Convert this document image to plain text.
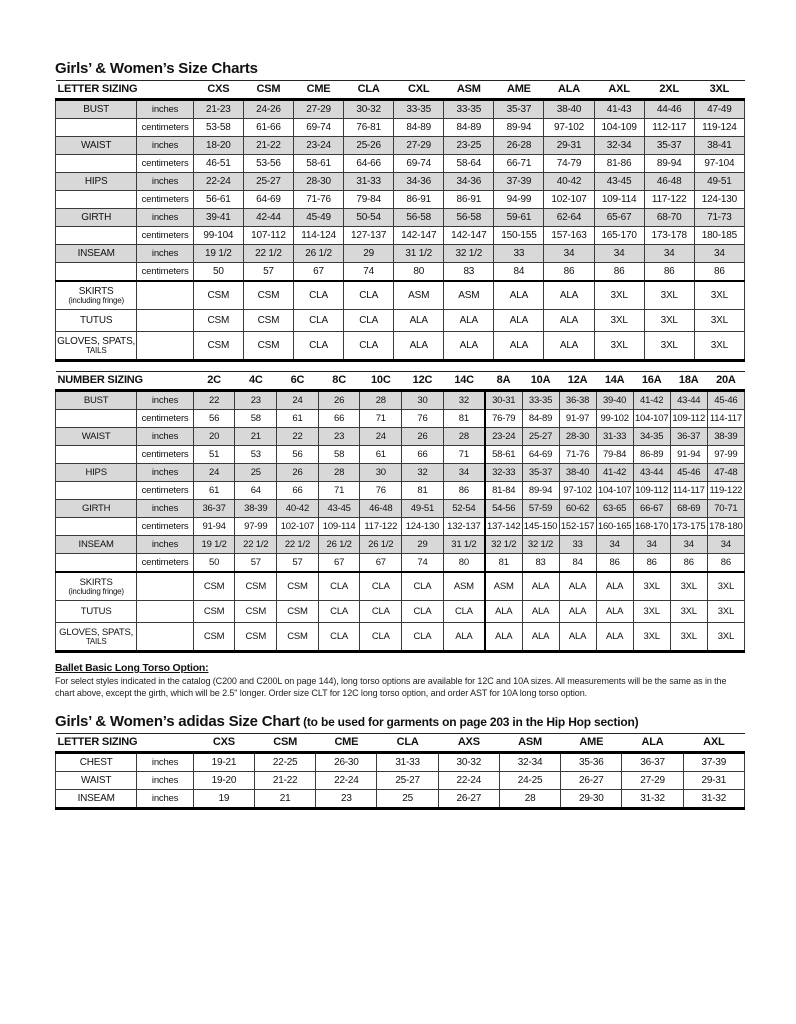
Girls’ & Women’s Size Charts
LETTER SIZING		CXS	CSM	CME	CLA	CXL	ASM	AME	ALA	AXL	2XL	3XL
BUST	inches	21-23	24-26	27-29	30-32	33-35	33-35	35-37	38-40	41-43	44-46	47-49
	centimeters	53-58	61-66	69-74	76-81	84-89	84-89	89-94	97-102	104-109	112-117	119-124
WAIST	inches	18-20	21-22	23-24	25-26	27-29	23-25	26-28	29-31	32-34	35-37	38-41
	centimeters	46-51	53-56	58-61	64-66	69-74	58-64	66-71	74-79	81-86	89-94	97-104
HIPS	inches	22-24	25-27	28-30	31-33	34-36	34-36	37-39	40-42	43-45	46-48	49-51
	centimeters	56-61	64-69	71-76	79-84	86-91	86-91	94-99	102-107	109-114	117-122	124-130
GIRTH	inches	39-41	42-44	45-49	50-54	56-58	56-58	59-61	62-64	65-67	68-70	71-73
	centimeters	99-104	107-112	114-124	127-137	142-147	142-147	150-155	157-163	165-170	173-178	180-185
INSEAM	inches	19 1/2	22 1/2	26 1/2	29	31 1/2	32 1/2	33	34	34	34	34
	centimeters	50	57	67	74	80	83	84	86	86	86	86

SKIRTS
(including fringe)		CSM	CSM	CLA	CLA	ASM	ASM	ALA	ALA	3XL	3XL	3XL
TUTUS		CSM	CSM	CLA	CLA	ALA	ALA	ALA	ALA	3XL	3XL	3XL

GLOVES, SPATS,
TAILS		CSM	CSM	CLA	CLA	ALA	ALA	ALA	ALA	3XL	3XL	3XL
NUMBER SIZING		2C	4C	6C	8C	10C	12C	14C	8A	10A	12A	14A	16A	18A	20A
BUST	inches	22	23	24	26	28	30	32	30-31	33-35	36-38	39-40	41-42	43-44	45-46
	centimeters	56	58	61	66	71	76	81	76-79	84-89	91-97	99-102	104-107	109-112	114-117
WAIST	inches	20	21	22	23	24	26	28	23-24	25-27	28-30	31-33	34-35	36-37	38-39
	centimeters	51	53	56	58	61	66	71	58-61	64-69	71-76	79-84	86-89	91-94	97-99
HIPS	inches	24	25	26	28	30	32	34	32-33	35-37	38-40	41-42	43-44	45-46	47-48
	centimeters	61	64	66	71	76	81	86	81-84	89-94	97-102	104-107	109-112	114-117	119-122
GIRTH	inches	36-37	38-39	40-42	43-45	46-48	49-51	52-54	54-56	57-59	60-62	63-65	66-67	68-69	70-71
	centimeters	91-94	97-99	102-107	109-114	117-122	124-130	132-137	137-142	145-150	152-157	160-165	168-170	173-175	178-180
INSEAM	inches	19 1/2	22 1/2	22 1/2	26 1/2	26 1/2	29	31 1/2	32 1/2	32 1/2	33	34	34	34	34
	centimeters	50	57	57	67	67	74	80	81	83	84	86	86	86	86

SKIRTS
(including fringe)		CSM	CSM	CSM	CLA	CLA	CLA	ASM	ASM	ALA	ALA	ALA	3XL	3XL	3XL
TUTUS		CSM	CSM	CSM	CLA	CLA	CLA	CLA	ALA	ALA	ALA	ALA	3XL	3XL	3XL

GLOVES, SPATS,
TAILS		CSM	CSM	CSM	CLA	CLA	CLA	ALA	ALA	ALA	ALA	ALA	3XL	3XL	3XL

Ballet Basic Long Torso Option:

For select styles indicated in the catalog (C200 and C200L on page 144), long torso options are available for 12C and 10A sizes. All measurements will be the same as in the chart above, except the girth, which will be 2.5" longer. Order size CLT for 12C long torso option, and order AST for 10A long torso option.

Girls’ & Women’s adidas Size Chart (to be used for garments on page 203 in the Hip Hop section)
LETTER SIZING		CXS	CSM	CME	CLA	AXS	ASM	AME	ALA	AXL
CHEST	inches	19-21	22-25	26-30	31-33	30-32	32-34	35-36	36-37	37-39
WAIST	inches	19-20	21-22	22-24	25-27	22-24	24-25	26-27	27-29	29-31
INSEAM	inches	19	21	23	25	26-27	28	29-30	31-32	31-32
